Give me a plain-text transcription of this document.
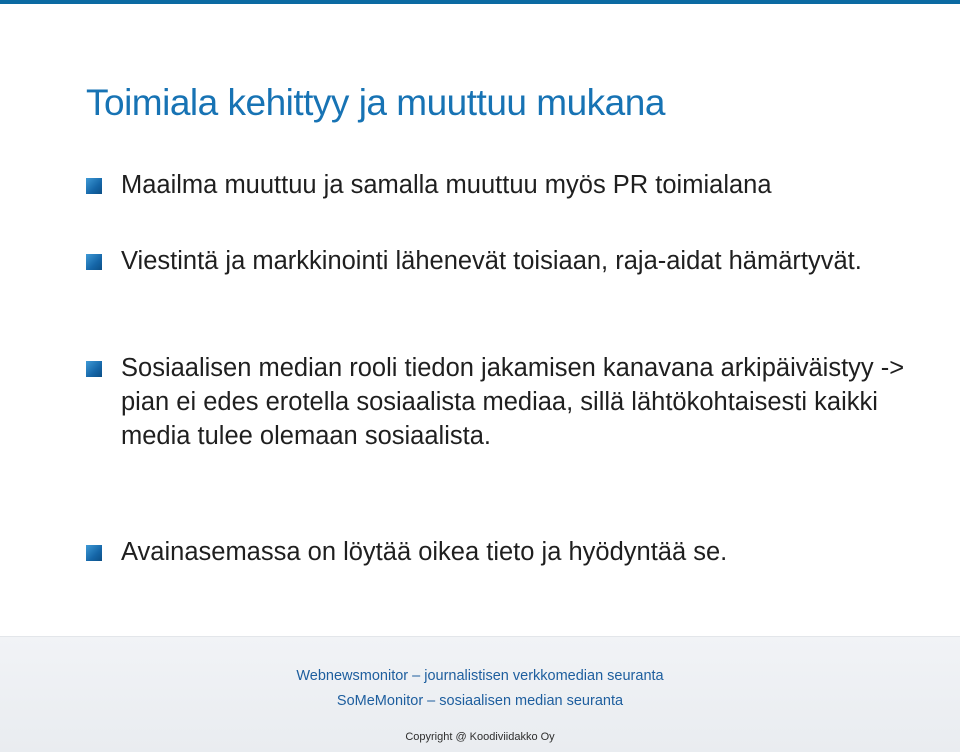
Toimiala kehittyy ja muuttuu mukana
Maailma muuttuu ja samalla muuttuu myös PR toimialana
Viestintä ja markkinointi lähenevät toisiaan, raja-aidat hämärtyvät.
Sosiaalisen median rooli tiedon jakamisen kanavana arkipäiväistyy -> pian ei edes erotella sosiaalista mediaa, sillä lähtökohtaisesti kaikki media tulee olemaan sosiaalista.
Avainasemassa on löytää oikea tieto ja hyödyntää se.
Webnewsmonitor – journalistisen verkkomedian seuranta
SoMeMonitor – sosiaalisen median seuranta
Copyright @ Koodiviidakko Oy
